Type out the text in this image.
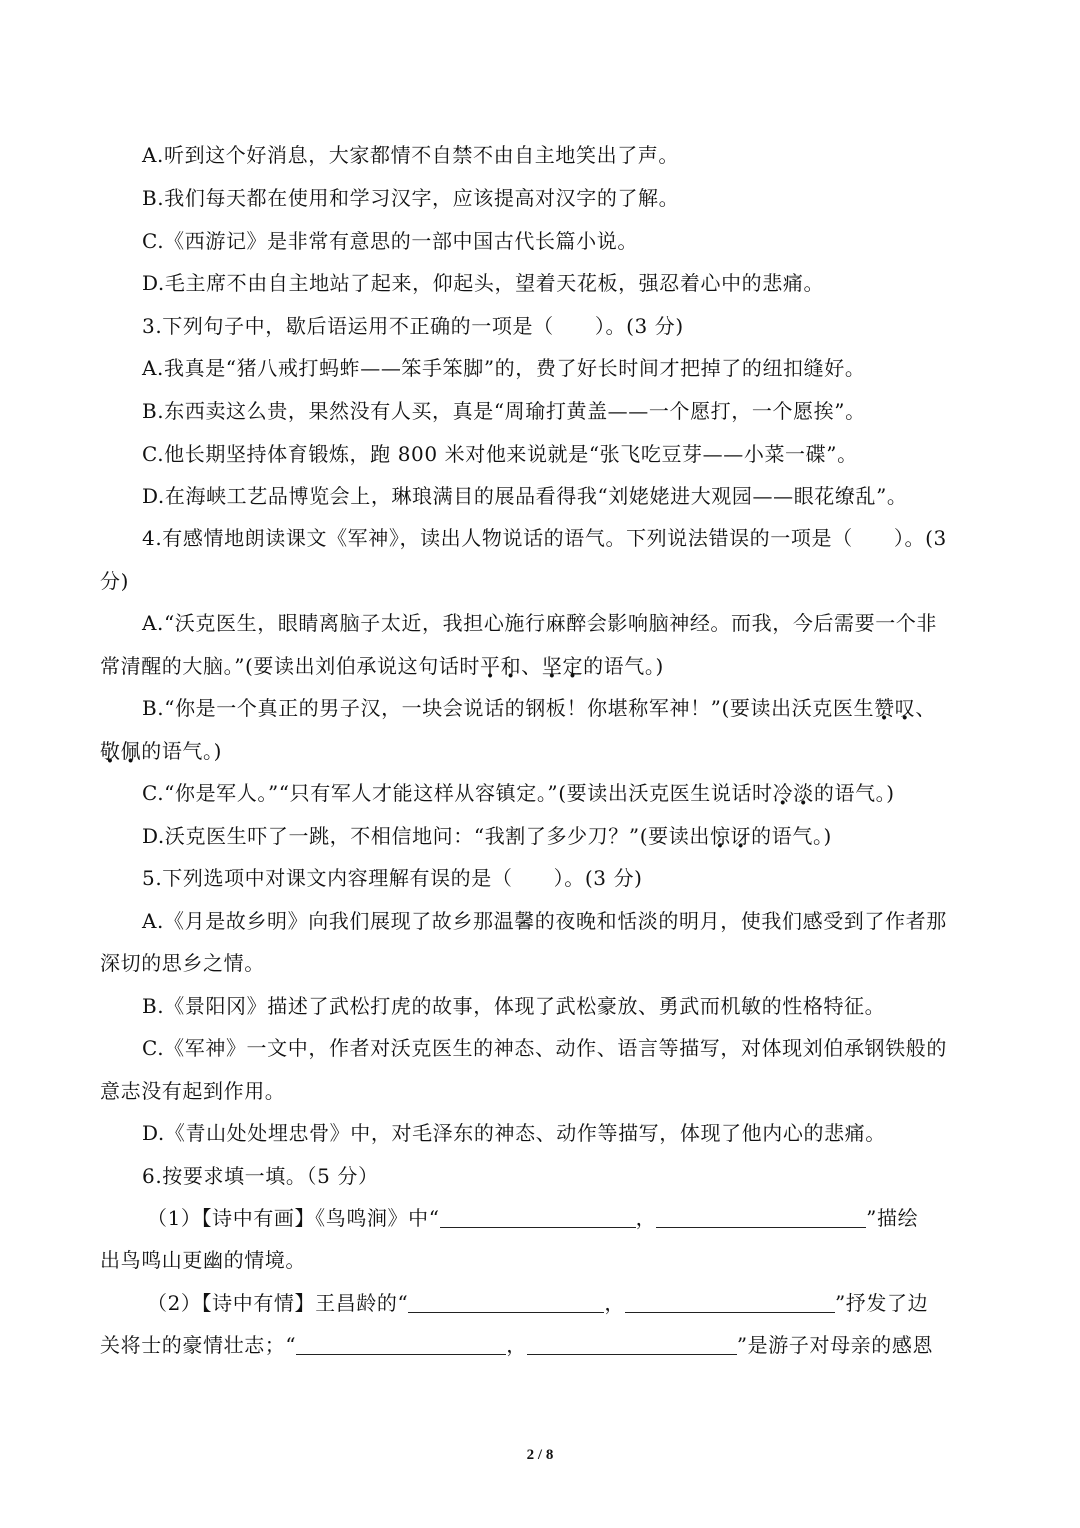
A.听到这个好消息，大家都情不自禁不由自主地笑出了声。
B.我们每天都在使用和学习汉字，应该提高对汉字的了解。
C.《西游记》是非常有意思的一部中国古代长篇小说。
D.毛主席不由自主地站了起来，仰起头，望着天花板，强忍着心中的悲痛。
3.下列句子中，歇后语运用不正确的一项是（　　）。(3 分)
A.我真是“猪八戒打蚂蚱——笨手笨脚”的，费了好长时间才把掉了的纽扣缝好。
B.东西卖这么贵，果然没有人买，真是“周瑜打黄盖——一个愿打，一个愿挨”。
C.他长期坚持体育锻炼，跑 800 米对他来说就是“张飞吃豆芽——小菜一碟”。
D.在海峡工艺品博览会上，琳琅满目的展品看得我“刘姥姥进大观园——眼花缭乱”。
4.有感情地朗读课文《军神》，读出人物说话的语气。下列说法错误的一项是（　　）。(3
分)
A.“沃克医生，眼睛离脑子太近，我担心施行麻醉会影响脑神经。而我，今后需要一个非
常清醒的大脑。”(要读出刘伯承说这句话时平和、坚定的语气。)
B.“你是一个真正的男子汉，一块会说话的钢板！你堪称军神！”(要读出沃克医生赞叹、
敬佩的语气。)
C.“你是军人。”“只有军人才能这样从容镇定。”(要读出沃克医生说话时冷淡的语气。)
D.沃克医生吓了一跳，不相信地问：“我割了多少刀？”(要读出惊讶的语气。)
5.下列选项中对课文内容理解有误的是（　　）。(3 分)
A.《月是故乡明》向我们展现了故乡那温馨的夜晚和恬淡的明月，使我们感受到了作者那
深切的思乡之情。
B.《景阳冈》描述了武松打虎的故事，体现了武松豪放、勇武而机敏的性格特征。
C.《军神》一文中，作者对沃克医生的神态、动作、语言等描写，对体现刘伯承钢铁般的
意志没有起到作用。
D.《青山处处埋忠骨》中，对毛泽东的神态、动作等描写，体现了他内心的悲痛。
6.按要求填一填。（5 分）
（1）【诗中有画】《鸟鸣涧》中“	，	”描绘
出鸟鸣山更幽的情境。
（2）【诗中有情】王昌龄的“	，	”抒发了边
关将士的豪情壮志；“	，	”是游子对母亲的感恩
2 / 8
